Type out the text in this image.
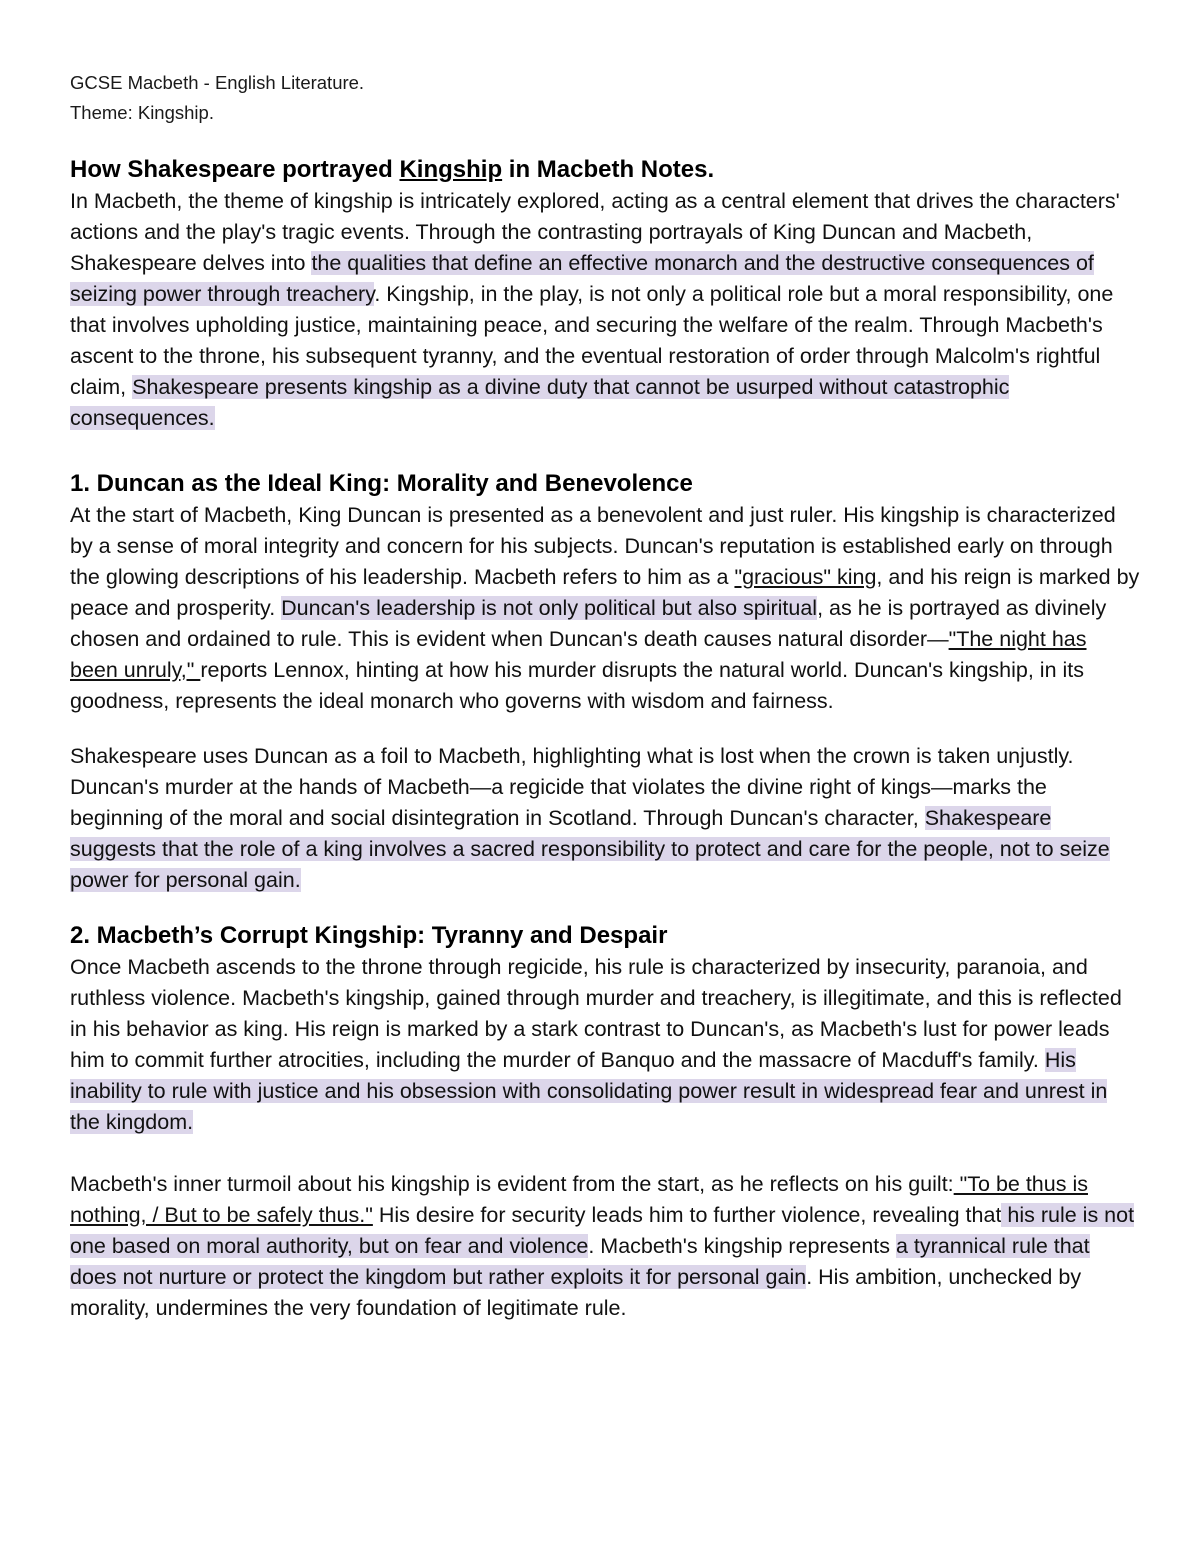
GCSE Macbeth - English Literature.

Theme: Kingship.

How Shakespeare portrayed Kingship in Macbeth Notes.

In Macbeth, the theme of kingship is intricately explored, acting as a central element that drives the characters' actions and the play's tragic events. Through the contrasting portrayals of King Duncan and Macbeth, Shakespeare delves into the qualities that define an effective monarch and the destructive consequences of seizing power through treachery. Kingship, in the play, is not only a political role but a moral responsibility, one that involves upholding justice, maintaining peace, and securing the welfare of the realm. Through Macbeth's ascent to the throne, his subsequent tyranny, and the eventual restoration of order through Malcolm's rightful claim, Shakespeare presents kingship as a divine duty that cannot be usurped without catastrophic consequences.

1. Duncan as the Ideal King: Morality and Benevolence

At the start of Macbeth, King Duncan is presented as a benevolent and just ruler. His kingship is characterized by a sense of moral integrity and concern for his subjects. Duncan's reputation is established early on through the glowing descriptions of his leadership. Macbeth refers to him as a "gracious" king, and his reign is marked by peace and prosperity. Duncan's leadership is not only political but also spiritual, as he is portrayed as divinely chosen and ordained to rule. This is evident when Duncan's death causes natural disorder—"The night has been unruly," reports Lennox, hinting at how his murder disrupts the natural world. Duncan's kingship, in its goodness, represents the ideal monarch who governs with wisdom and fairness.

Shakespeare uses Duncan as a foil to Macbeth, highlighting what is lost when the crown is taken unjustly. Duncan's murder at the hands of Macbeth—a regicide that violates the divine right of kings—marks the beginning of the moral and social disintegration in Scotland. Through Duncan's character, Shakespeare suggests that the role of a king involves a sacred responsibility to protect and care for the people, not to seize power for personal gain.

2. Macbeth’s Corrupt Kingship: Tyranny and Despair

Once Macbeth ascends to the throne through regicide, his rule is characterized by insecurity, paranoia, and ruthless violence. Macbeth's kingship, gained through murder and treachery, is illegitimate, and this is reflected in his behavior as king. His reign is marked by a stark contrast to Duncan's, as Macbeth's lust for power leads him to commit further atrocities, including the murder of Banquo and the massacre of Macduff's family. His inability to rule with justice and his obsession with consolidating power result in widespread fear and unrest in the kingdom.

Macbeth's inner turmoil about his kingship is evident from the start, as he reflects on his guilt: "To be thus is nothing, / But to be safely thus." His desire for security leads him to further violence, revealing that his rule is not one based on moral authority, but on fear and violence. Macbeth's kingship represents a tyrannical rule that does not nurture or protect the kingdom but rather exploits it for personal gain. His ambition, unchecked by morality, undermines the very foundation of legitimate rule.
